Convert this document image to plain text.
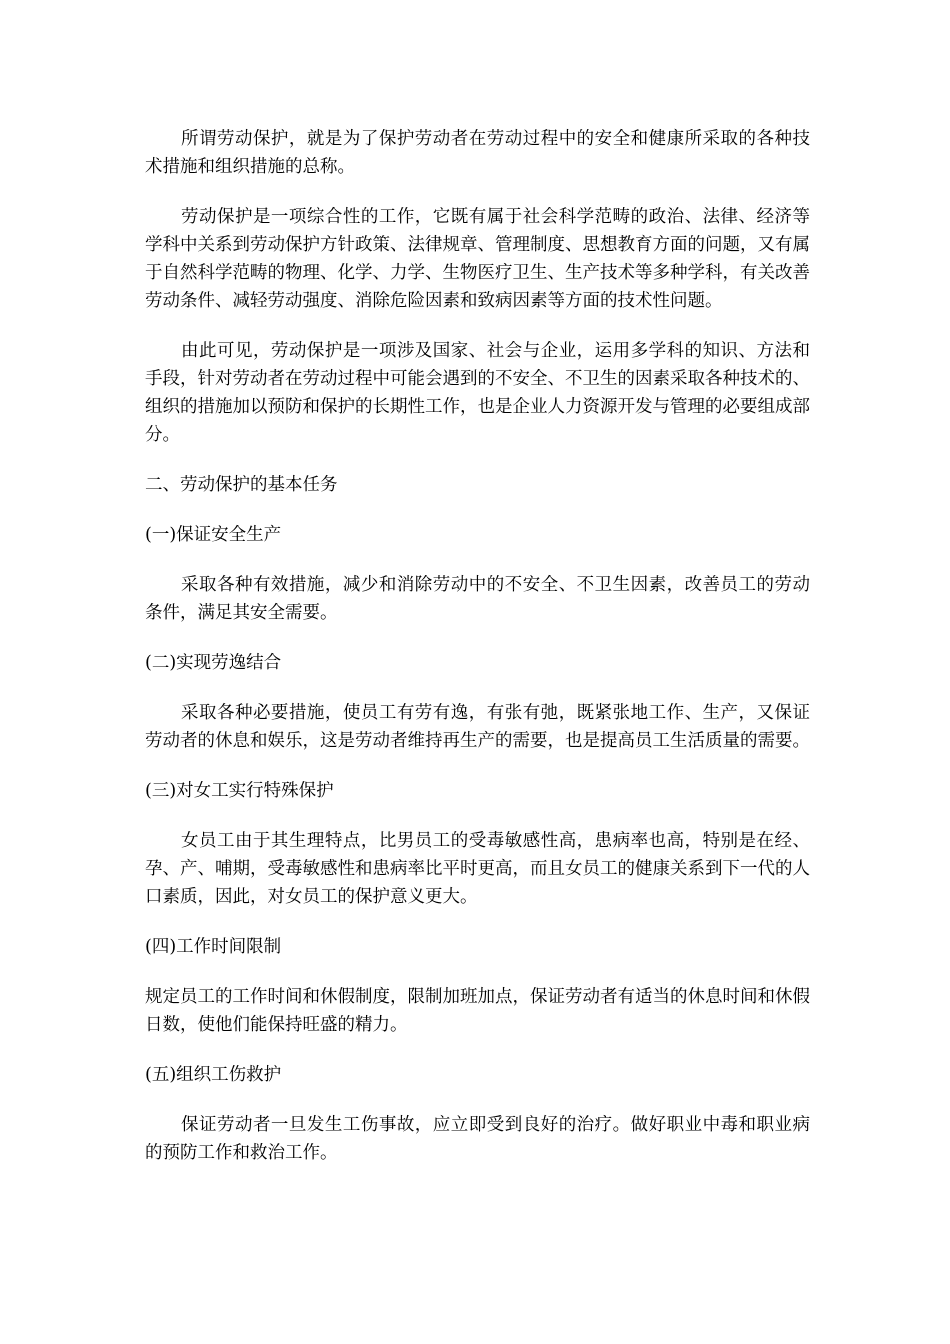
所谓劳动保护，就是为了保护劳动者在劳动过程中的安全和健康所采取的各种技术措施和组织措施的总称。

劳动保护是一项综合性的工作，它既有属于社会科学范畴的政治、法律、经济等学科中关系到劳动保护方针政策、法律规章、管理制度、思想教育方面的问题，又有属于自然科学范畴的物理、化学、力学、生物医疗卫生、生产技术等多种学科，有关改善劳动条件、减轻劳动强度、消除危险因素和致病因素等方面的技术性问题。

由此可见，劳动保护是一项涉及国家、社会与企业，运用多学科的知识、方法和手段，针对劳动者在劳动过程中可能会遇到的不安全、不卫生的因素采取各种技术的、组织的措施加以预防和保护的长期性工作，也是企业人力资源开发与管理的必要组成部分。

二、劳动保护的基本任务

(一)保证安全生产

采取各种有效措施，减少和消除劳动中的不安全、不卫生因素，改善员工的劳动条件，满足其安全需要。

(二)实现劳逸结合

采取各种必要措施，使员工有劳有逸，有张有弛，既紧张地工作、生产，又保证劳动者的休息和娱乐，这是劳动者维持再生产的需要，也是提高员工生活质量的需要。

(三)对女工实行特殊保护

女员工由于其生理特点，比男员工的受毒敏感性高，患病率也高，特别是在经、孕、产、哺期，受毒敏感性和患病率比平时更高，而且女员工的健康关系到下一代的人口素质，因此，对女员工的保护意义更大。

(四)工作时间限制

规定员工的工作时间和休假制度，限制加班加点，保证劳动者有适当的休息时间和休假日数，使他们能保持旺盛的精力。

(五)组织工伤救护

保证劳动者一旦发生工伤事故，应立即受到良好的治疗。做好职业中毒和职业病的预防工作和救治工作。
